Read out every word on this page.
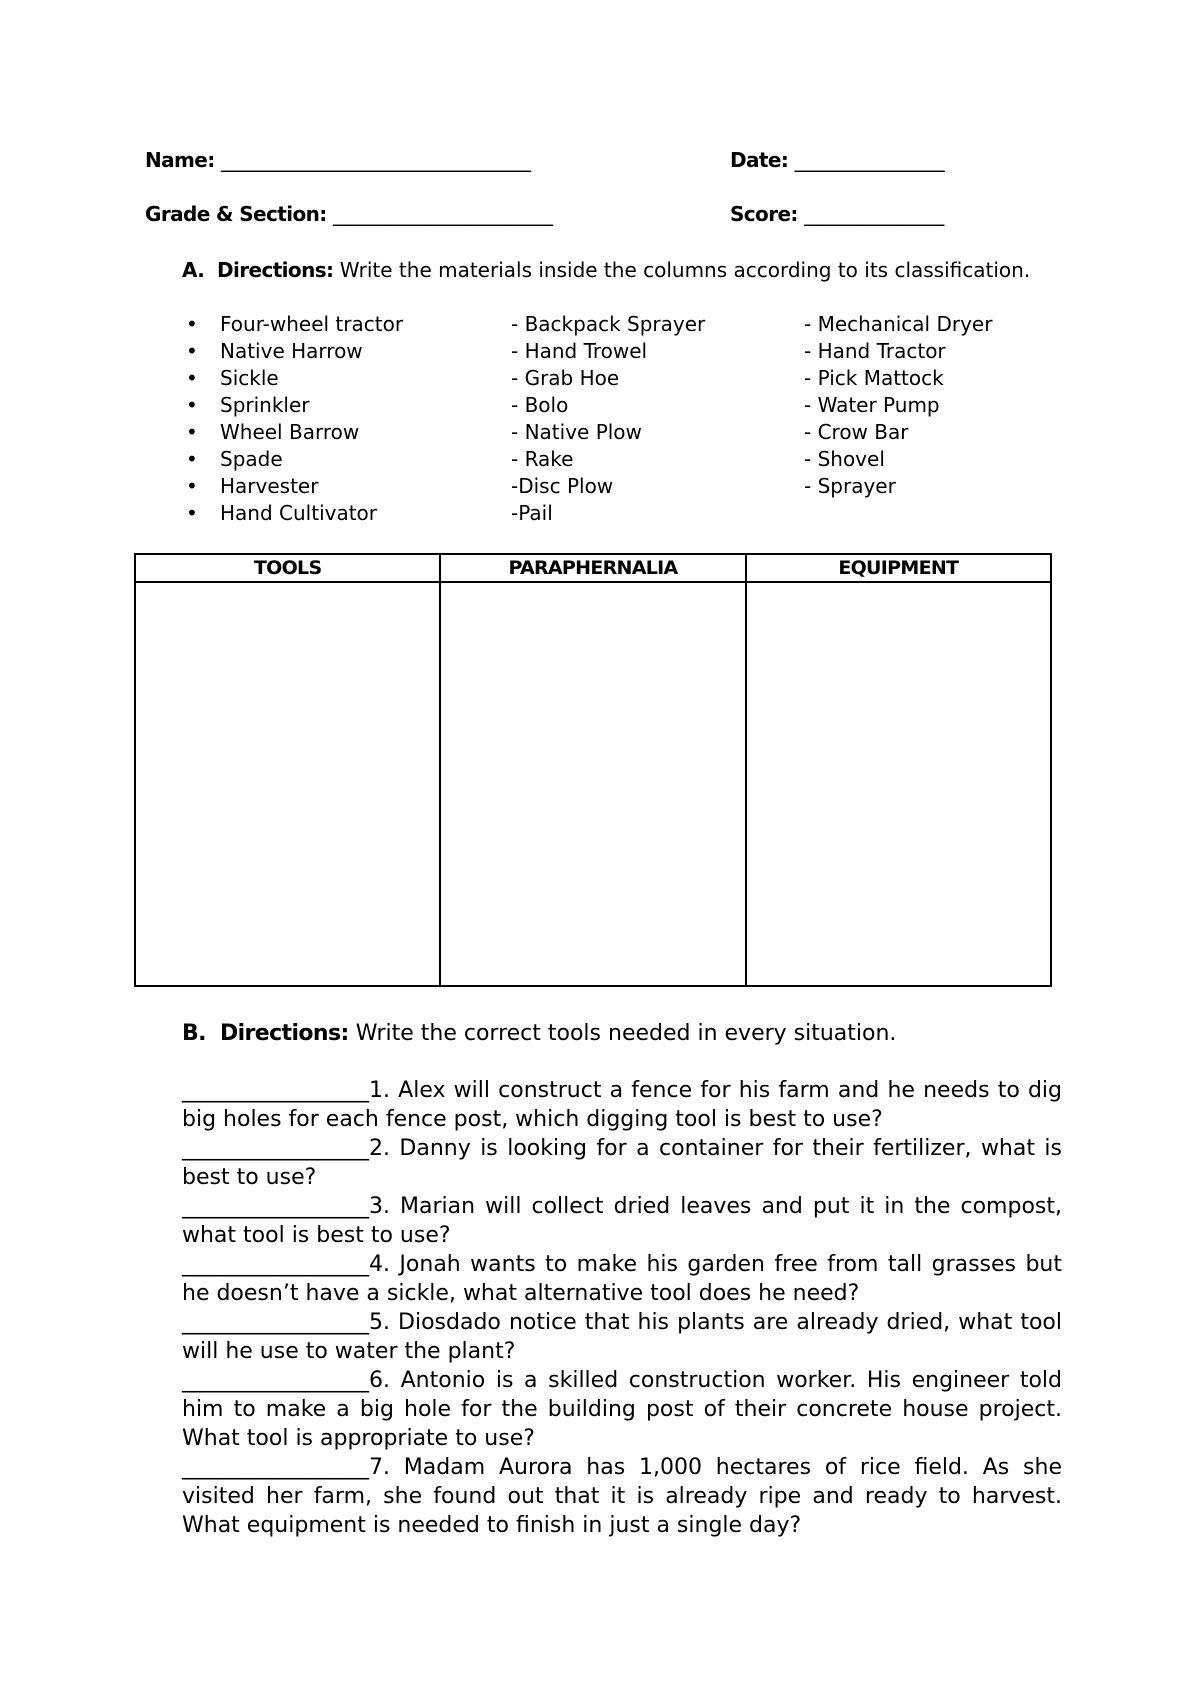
Name: _______________________________	Date: _______________
Grade & Section: ______________________	Score: ______________
A. Directions: Write the materials inside the columns according to its classification.
• Four-wheel tractor
• Native Harrow
• Sickle
• Sprinkler
• Wheel Barrow
• Spade
• Harvester
• Hand Cultivator
- Backpack Sprayer
- Hand Trowel
- Grab Hoe
- Bolo
- Native Plow
- Rake
-Disc Plow
-Pail
- Mechanical Dryer
- Hand Tractor
- Pick Mattock
- Water Pump
- Crow Bar
- Shovel
- Sprayer
TOOLS	PARAPHERNALIA	EQUIPMENT

B. Directions: Write the correct tools needed in every situation.
_________________1. Alex will construct a fence for his farm and he needs to dig big holes for each fence post, which digging tool is best to use?
_________________2. Danny is looking for a container for their fertilizer, what is best to use?
_________________3. Marian will collect dried leaves and put it in the compost, what tool is best to use?
_________________4. Jonah wants to make his garden free from tall grasses but he doesn’t have a sickle, what alternative tool does he need?
_________________5. Diosdado notice that his plants are already dried, what tool will he use to water the plant?
_________________6. Antonio is a skilled construction worker. His engineer told him to make a big hole for the building post of their concrete house project. What tool is appropriate to use?
_________________7. Madam Aurora has 1,000 hectares of rice field. As she visited her farm, she found out that it is already ripe and ready to harvest. What equipment is needed to finish in just a single day?
